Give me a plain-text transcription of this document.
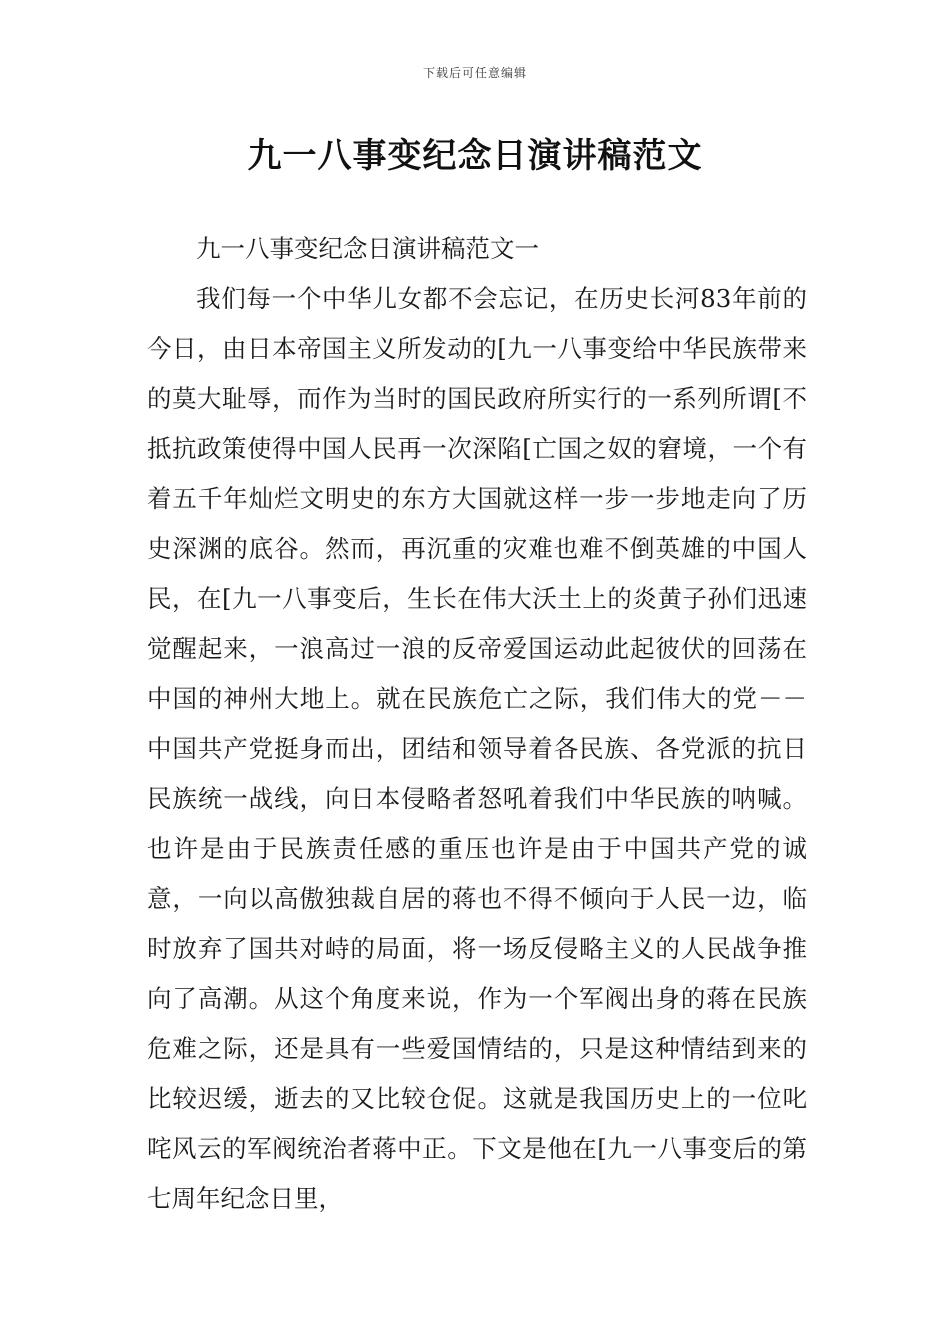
下载后可任意编辑
九一八事变纪念日演讲稿范文

九一八事变纪念日演讲稿范文一

我们每一个中华儿女都不会忘记，在历史长河83年前的今日，由日本帝国主义所发动的[九一八事变给中华民族带来的莫大耻辱，而作为当时的国民政府所实行的一系列所谓[不抵抗政策使得中国人民再一次深陷[亡国之奴的窘境，一个有着五千年灿烂文明史的东方大国就这样一步一步地走向了历史深渊的底谷。然而，再沉重的灾难也难不倒英雄的中国人民，在[九一八事变后，生长在伟大沃土上的炎黄子孙们迅速觉醒起来，一浪高过一浪的反帝爱国运动此起彼伏的回荡在中国的神州大地上。就在民族危亡之际，我们伟大的党－－中国共产党挺身而出，团结和领导着各民族、各党派的抗日民族统一战线，向日本侵略者怒吼着我们中华民族的呐喊。也许是由于民族责任感的重压也许是由于中国共产党的诚意，一向以高傲独裁自居的蒋也不得不倾向于人民一边，临时放弃了国共对峙的局面，将一场反侵略主义的人民战争推向了高潮。从这个角度来说，作为一个军阀出身的蒋在民族危难之际，还是具有一些爱国情结的，只是这种情结到来的比较迟缓，逝去的又比较仓促。这就是我国历史上的一位叱咤风云的军阀统治者蒋中正。下文是他在[九一八事变后的第七周年纪念日里，
